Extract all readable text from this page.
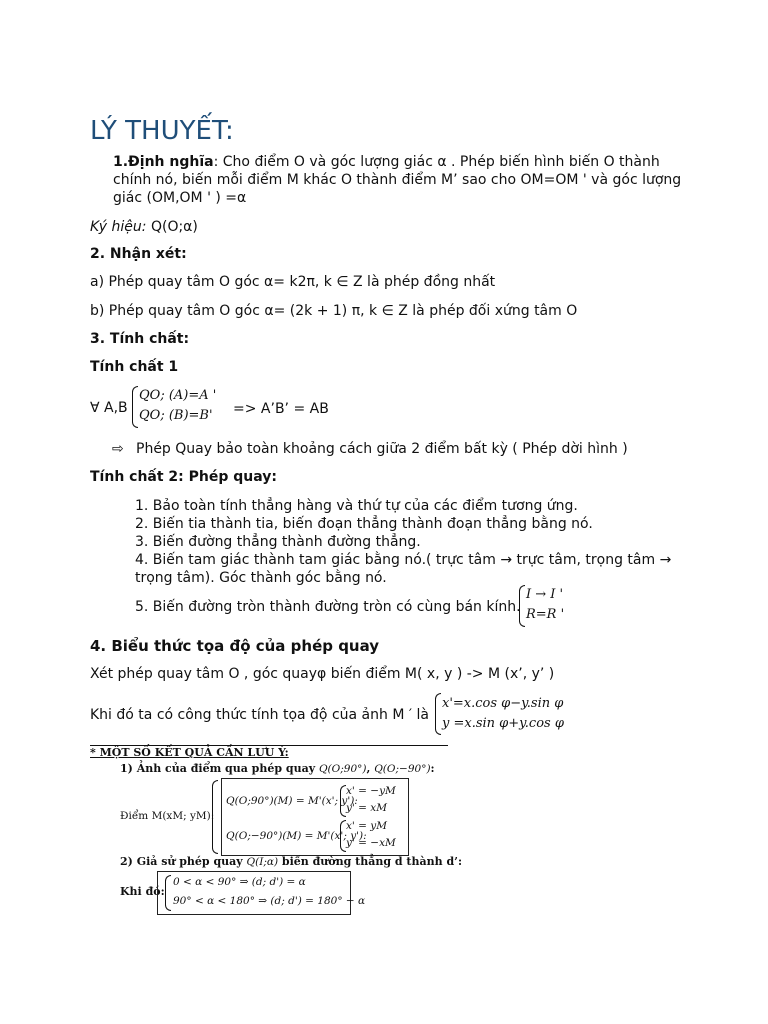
LÝ THUYẾT:
1.Định nghĩa: Cho điểm O và góc lượng giác α . Phép biến hình biến O thành
chính nó, biến mỗi điểm M khác O thành điểm M’ sao cho OM=OM ' và góc lượng
giác (OM,OM ' ) =α
Ký hiệu: Q(O;α)
2. Nhận xét:
a) Phép quay tâm O góc α= k2π, k ∈ Z là phép đồng nhất
b) Phép quay tâm O góc α= (2k + 1) π, k ∈ Z là phép đối xứng tâm O
3. Tính chất:
Tính chất 1
∀ A,B
QO; (A)=A '
QO; (B)=B' => A’B’ = AB
⇨ Phép Quay bảo toàn khoảng cách giữa 2 điểm bất kỳ ( Phép dời hình )
Tính chất 2: Phép quay:
1. Bảo toàn tính thẳng hàng và thứ tự của các điểm tương ứng.
2. Biến tia thành tia, biến đoạn thẳng thành đoạn thẳng bằng nó.
3. Biến đường thẳng thành đường thẳng.
4. Biến tam giác thành tam giác bằng nó.( trực tâm → trực tâm, trọng tâm →
trọng tâm). Góc thành góc bằng nó.
5. Biến đường tròn thành đường tròn có cùng bán kính.
I → I '
R=R '
4. Biểu thức tọa độ của phép quay
Xét phép quay tâm O , góc quayφ biến điểm M( x, y ) -> M (x’, y’ )
Khi đó ta có công thức tính tọa độ của ảnh M ′ là
x'=x.cos φ−y.sin φ
y =x.sin φ+y.cos φ
* MỘT SỐ KẾT QUẢ CẦN LƯU Ý:
1) Ảnh của điểm qua phép quay Q(O;90°), Q(O;−90°):
Điểm M(xM; yM):
Q(O;90°)(M) = M'(x'; y'):
x' = −yM
y' = xM
Q(O;−90°)(M) = M'(x'; y'):
x' = yM
y' = −xM
2) Giả sử phép quay Q(I;α) biến đường thẳng d thành d’:
Khi đó:
0 < α < 90° ⇒ (d; d') = α
90° < α < 180° ⇒ (d; d') = 180° − α
